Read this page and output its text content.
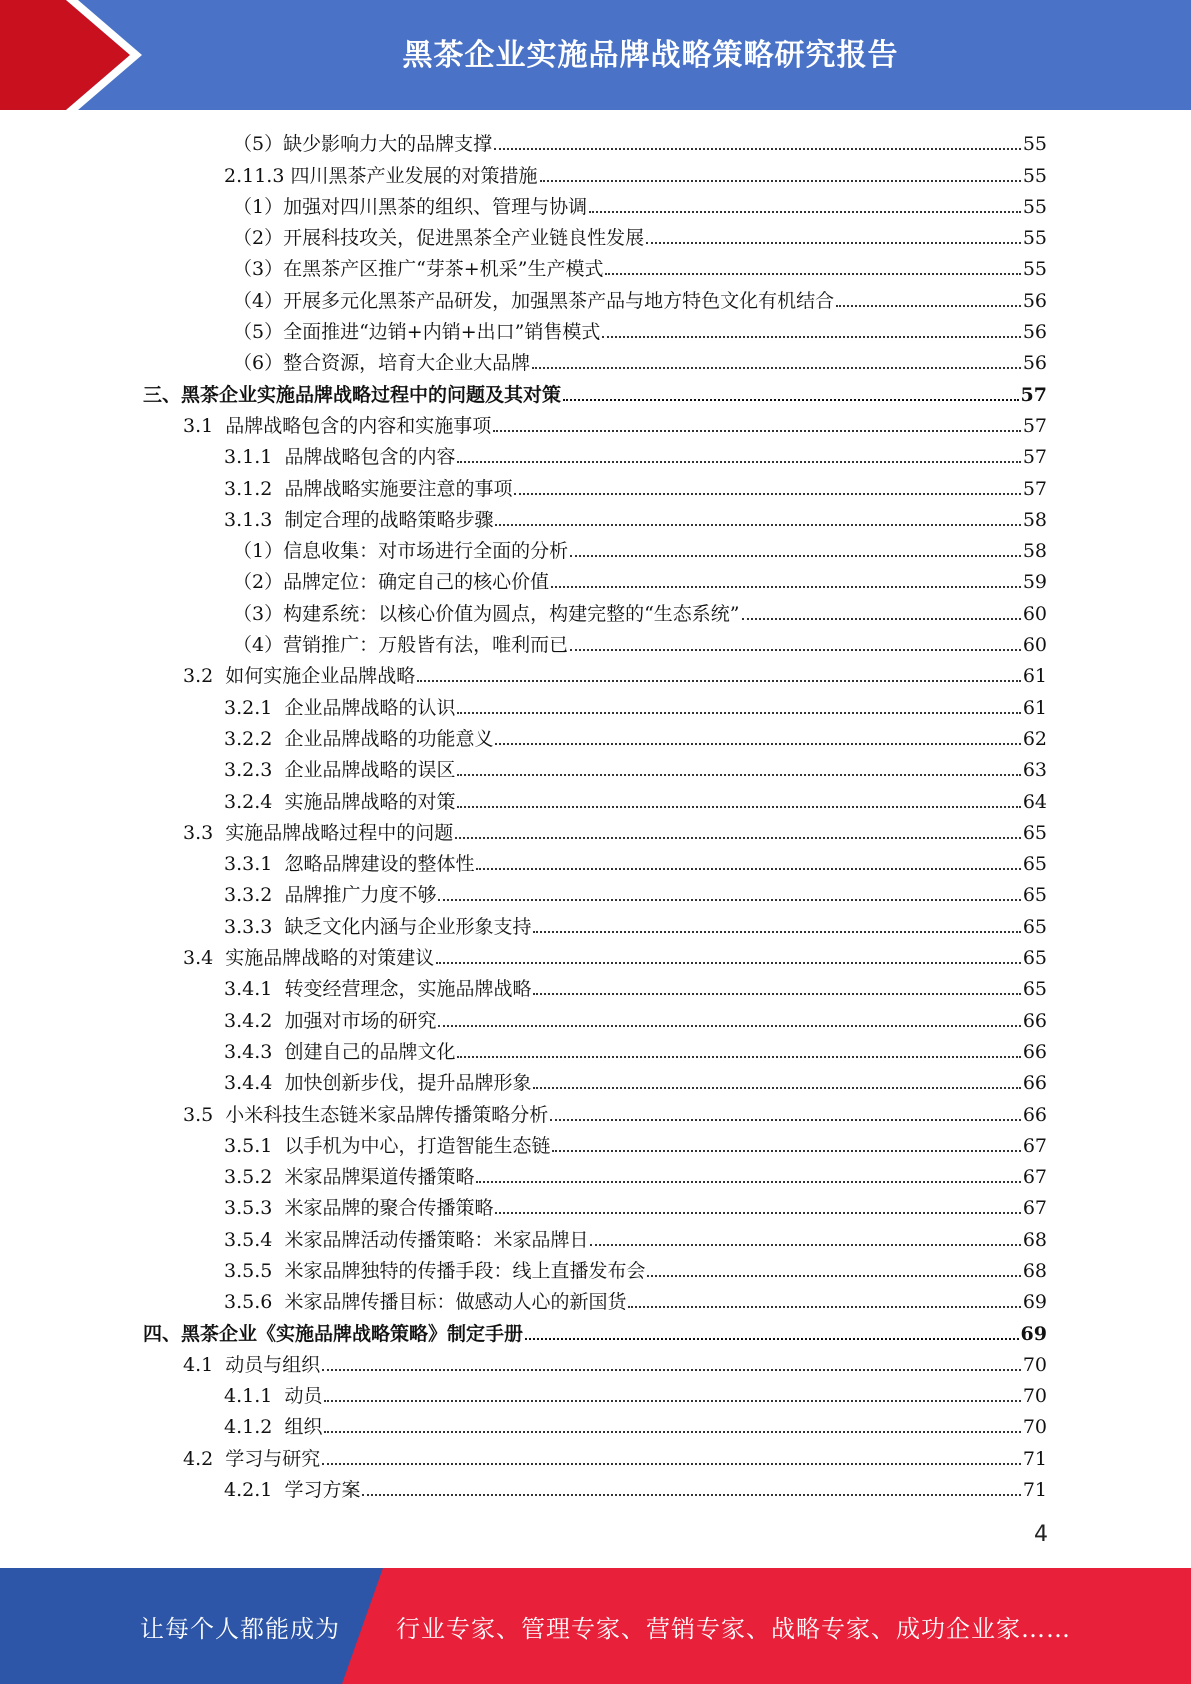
黑茶企业实施品牌战略策略研究报告
（5） 缺少影响力大的品牌支撑	55
2.11.3 四川黑茶产业发展的对策措施	55
（1） 加强对四川黑茶的组织、管理与协调	55
（2） 开展科技攻关，促进黑茶全产业链良性发展	55
（3） 在黑茶产区推广“芽茶+机采”生产模式	55
（4） 开展多元化黑茶产品研发，加强黑茶产品与地方特色文化有机结合	56
（5） 全面推进“边销+内销+出口”销售模式	56
（6） 整合资源，培育大企业大品牌	56
三、黑茶企业实施品牌战略过程中的问题及其对策	57
3.1 品牌战略包含的内容和实施事项	57
3.1.1 品牌战略包含的内容	57
3.1.2 品牌战略实施要注意的事项	57
3.1.3 制定合理的战略策略步骤	58
（1） 信息收集：对市场进行全面的分析	58
（2） 品牌定位：确定自己的核心价值	59
（3） 构建系统：以核心价值为圆点，构建完整的“生态系统”	60
（4） 营销推广：万般皆有法，唯利而已	60
3.2 如何实施企业品牌战略	61
3.2.1 企业品牌战略的认识	61
3.2.2 企业品牌战略的功能意义	62
3.2.3 企业品牌战略的误区	63
3.2.4 实施品牌战略的对策	64
3.3 实施品牌战略过程中的问题	65
3.3.1 忽略品牌建设的整体性	65
3.3.2 品牌推广力度不够	65
3.3.3 缺乏文化内涵与企业形象支持	65
3.4 实施品牌战略的对策建议	65
3.4.1 转变经营理念，实施品牌战略	65
3.4.2 加强对市场的研究	66
3.4.3 创建自己的品牌文化	66
3.4.4 加快创新步伐，提升品牌形象	66
3.5 小米科技生态链米家品牌传播策略分析	66
3.5.1 以手机为中心，打造智能生态链	67
3.5.2 米家品牌渠道传播策略	67
3.5.3 米家品牌的聚合传播策略	67
3.5.4 米家品牌活动传播策略：米家品牌日	68
3.5.5 米家品牌独特的传播手段：线上直播发布会	68
3.5.6 米家品牌传播目标：做感动人心的新国货	69
四、黑茶企业《实施品牌战略策略》制定手册	69
4.1 动员与组织	70
4.1.1 动员	70
4.1.2 组织	70
4.2 学习与研究	71
4.2.1 学习方案	71
4
让每个人都能成为 行业专家、管理专家、营销专家、战略专家、成功企业家……
